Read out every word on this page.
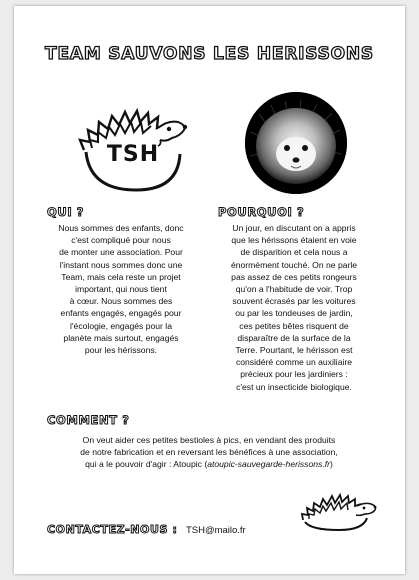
TEAM SAUVONS LES HERISSONS
TSH
QUI ?
Nous sommes des enfants, donc
c'est compliqué pour nous
de monter une association. Pour
l'instant nous sommes donc une
Team, mais cela reste un projet
important, qui nous tient
à cœur. Nous sommes des
enfants engagés, engagés pour
l'écologie, engagés pour la
planète mais surtout, engagés
pour les hérissons.
POURQUOI ?
Un jour, en discutant on a appris
que les hérissons étaient en voie
de disparition et cela nous a
énormément touché. On ne parle
pas assez de ces petits rongeurs
qu'on a l'habitude de voir. Trop
souvent écrasés par les voitures
ou par les tondeuses de jardin,
ces petites bêtes risquent de
disparaître de la surface de la
Terre. Pourtant, le hérisson est
considéré comme un auxiliaire
précieux pour les jardiniers :
c'est un insecticide biologique.
COMMENT ?
On veut aider ces petites bestioles à pics, en vendant des produits
de notre fabrication et en reversant les bénéfices à une association,
qui a le pouvoir d'agir : Atoupic (atoupic-sauvegarde-herissons.fr)
CONTACTEZ-NOUS : TSH@mailo.fr
